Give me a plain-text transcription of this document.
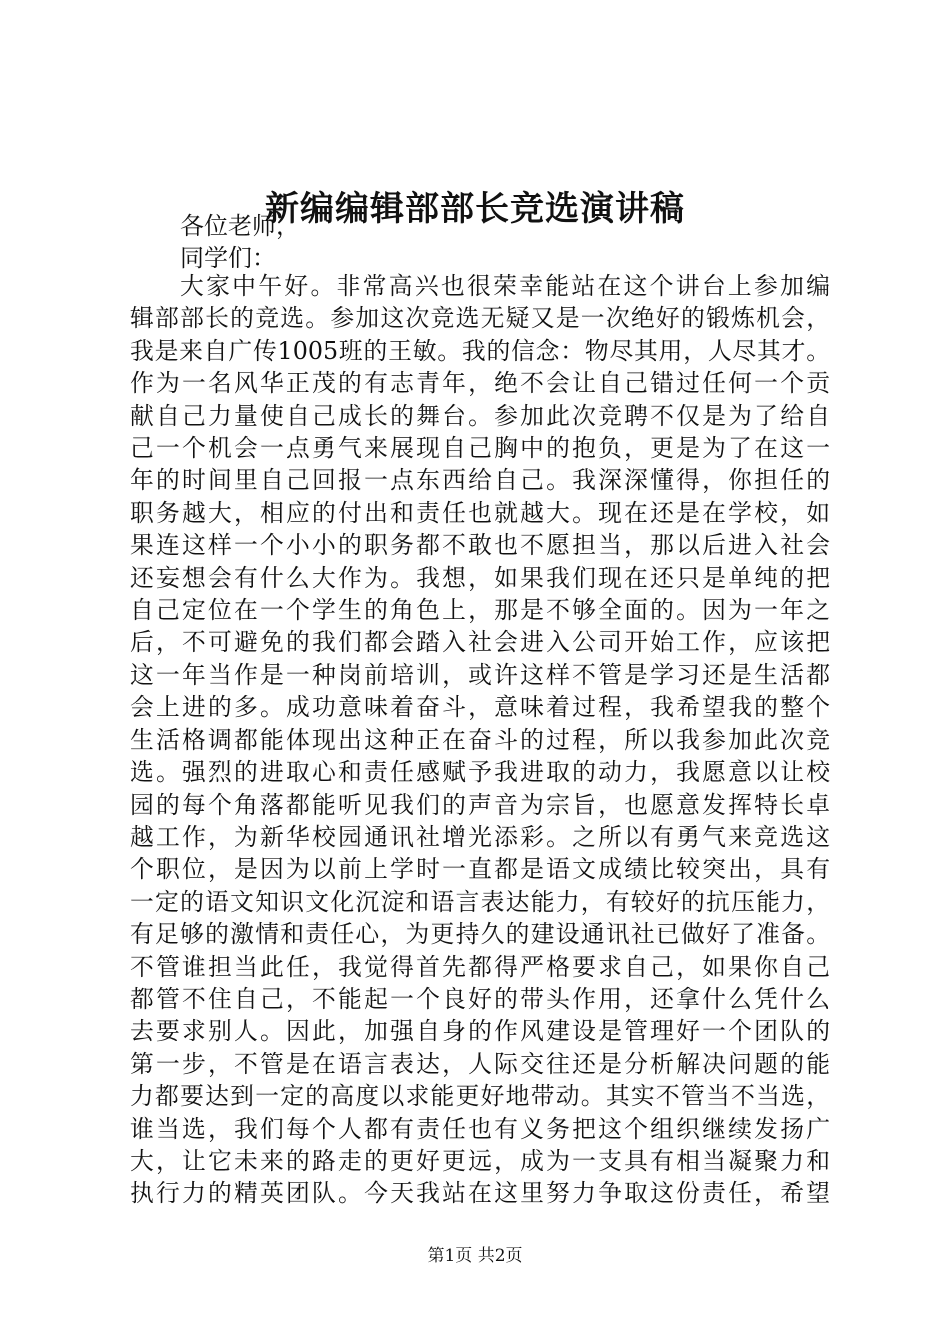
新编编辑部部长竞选演讲稿

各位老师，

同学们：

大家中午好。非常高兴也很荣幸能站在这个讲台上参加编
辑部部长的竞选。参加这次竞选无疑又是一次绝好的锻炼机会，
我是来自广传1005班的王敏。我的信念：物尽其用，人尽其才。
作为一名风华正茂的有志青年，绝不会让自己错过任何一个贡
献自己力量使自己成长的舞台。参加此次竞聘不仅是为了给自
己一个机会一点勇气来展现自己胸中的抱负，更是为了在这一
年的时间里自己回报一点东西给自己。我深深懂得，你担任的
职务越大，相应的付出和责任也就越大。现在还是在学校，如
果连这样一个小小的职务都不敢也不愿担当，那以后进入社会
还妄想会有什么大作为。我想，如果我们现在还只是单纯的把
自己定位在一个学生的角色上，那是不够全面的。因为一年之
后，不可避免的我们都会踏入社会进入公司开始工作，应该把
这一年当作是一种岗前培训，或许这样不管是学习还是生活都
会上进的多。成功意味着奋斗，意味着过程，我希望我的整个
生活格调都能体现出这种正在奋斗的过程，所以我参加此次竞
选。强烈的进取心和责任感赋予我进取的动力，我愿意以让校
园的每个角落都能听见我们的声音为宗旨，也愿意发挥特长卓
越工作，为新华校园通讯社增光添彩。之所以有勇气来竞选这
个职位，是因为以前上学时一直都是语文成绩比较突出，具有
一定的语文知识文化沉淀和语言表达能力，有较好的抗压能力，
有足够的激情和责任心，为更持久的建设通讯社已做好了准备。
不管谁担当此任，我觉得首先都得严格要求自己，如果你自己
都管不住自己，不能起一个良好的带头作用，还拿什么凭什么
去要求别人。因此，加强自身的作风建设是管理好一个团队的
第一步，不管是在语言表达，人际交往还是分析解决问题的能
力都要达到一定的高度以求能更好地带动。其实不管当不当选，
谁当选，我们每个人都有责任也有义务把这个组织继续发扬广
大，让它未来的路走的更好更远，成为一支具有相当凝聚力和
执行力的精英团队。今天我站在这里努力争取这份责任，希望
第1页 共2页
